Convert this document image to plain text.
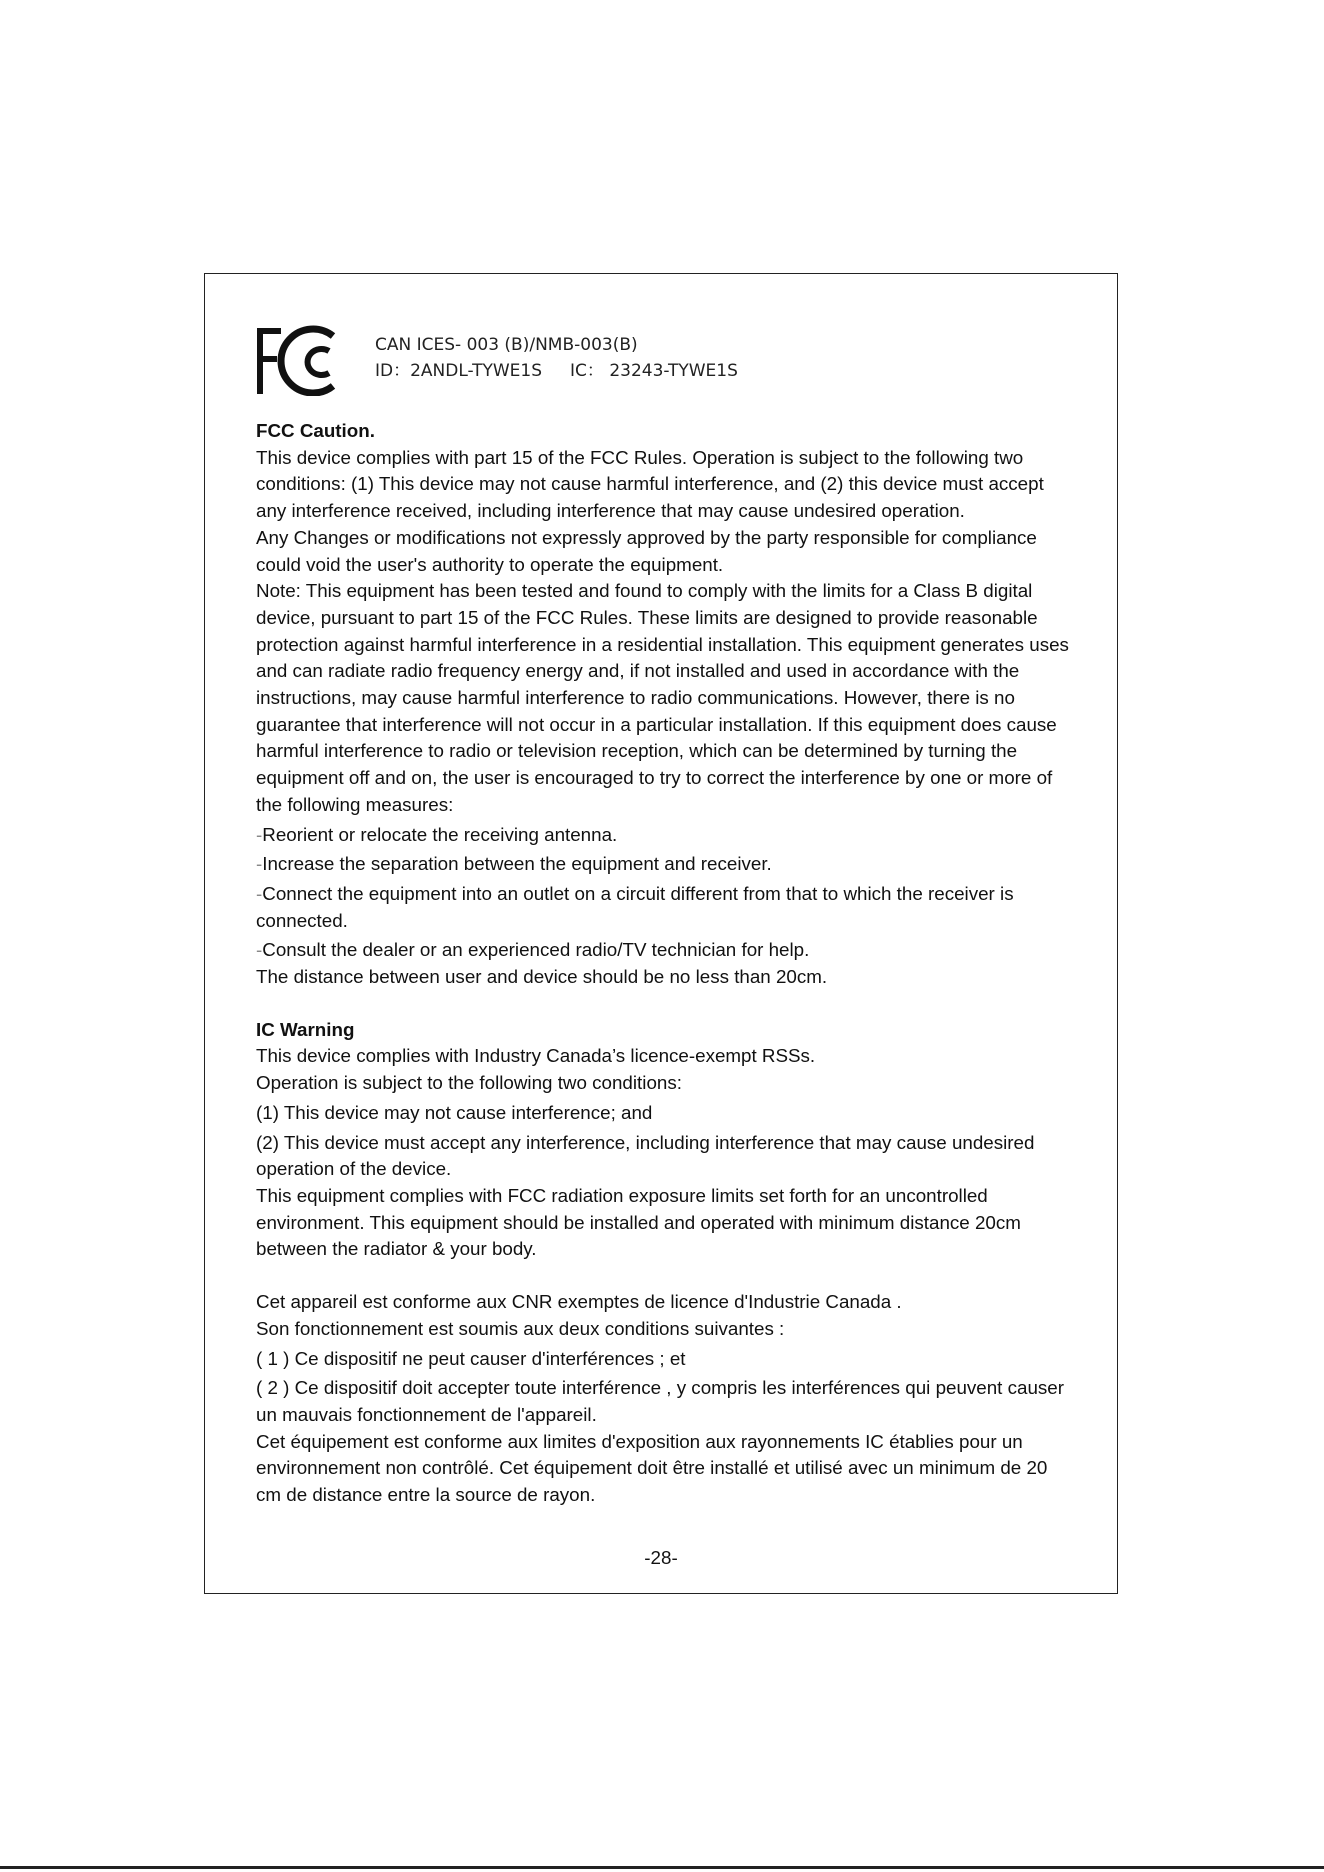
CAN ICES- 003 (B)/NMB-003(B)
ID：2ANDL-TYWE1S IC： 23243-TYWE1S

FCC Caution.

This device complies with part 15 of the FCC Rules. Operation is subject to the following two conditions: (1) This device may not cause harmful interference, and (2) this device must accept any interference received, including interference that may cause undesired operation.

Any Changes or modifications not expressly approved by the party responsible for compliance could void the user's authority to operate the equipment.

Note: This equipment has been tested and found to comply with the limits for a Class B digital device, pursuant to part 15 of the FCC Rules. These limits are designed to provide reasonable protection against harmful interference in a residential installation. This equipment generates uses and can radiate radio frequency energy and, if not installed and used in accordance with the instructions, may cause harmful interference to radio communications. However, there is no guarantee that interference will not occur in a particular installation. If this equipment does cause harmful interference to radio or television reception, which can be determined by turning the equipment off and on, the user is encouraged to try to correct the interference by one or more of the following measures:

-Reorient or relocate the receiving antenna.

-Increase the separation between the equipment and receiver.

-Connect the equipment into an outlet on a circuit different from that to which the receiver is connected.

-Consult the dealer or an experienced radio/TV technician for help.

The distance between user and device should be no less than 20cm.

IC Warning

This device complies with Industry Canada’s licence-exempt RSSs.

Operation is subject to the following two conditions:

(1) This device may not cause interference; and

(2) This device must accept any interference, including interference that may cause undesired operation of the device.

This equipment complies with FCC radiation exposure limits set forth for an uncontrolled environment. This equipment should be installed and operated with minimum distance 20cm between the radiator & your body.

Cet appareil est conforme aux CNR exemptes de licence d'Industrie Canada .

Son fonctionnement est soumis aux deux conditions suivantes :

( 1 ) Ce dispositif ne peut causer d'interférences ; et

( 2 ) Ce dispositif doit accepter toute interférence , y compris les interférences qui peuvent causer un mauvais fonctionnement de l'appareil.

Cet équipement est conforme aux limites d'exposition aux rayonnements IC établies pour un environnement non contrôlé. Cet équipement doit être installé et utilisé avec un minimum de 20 cm de distance entre la source de rayon.

-28-
